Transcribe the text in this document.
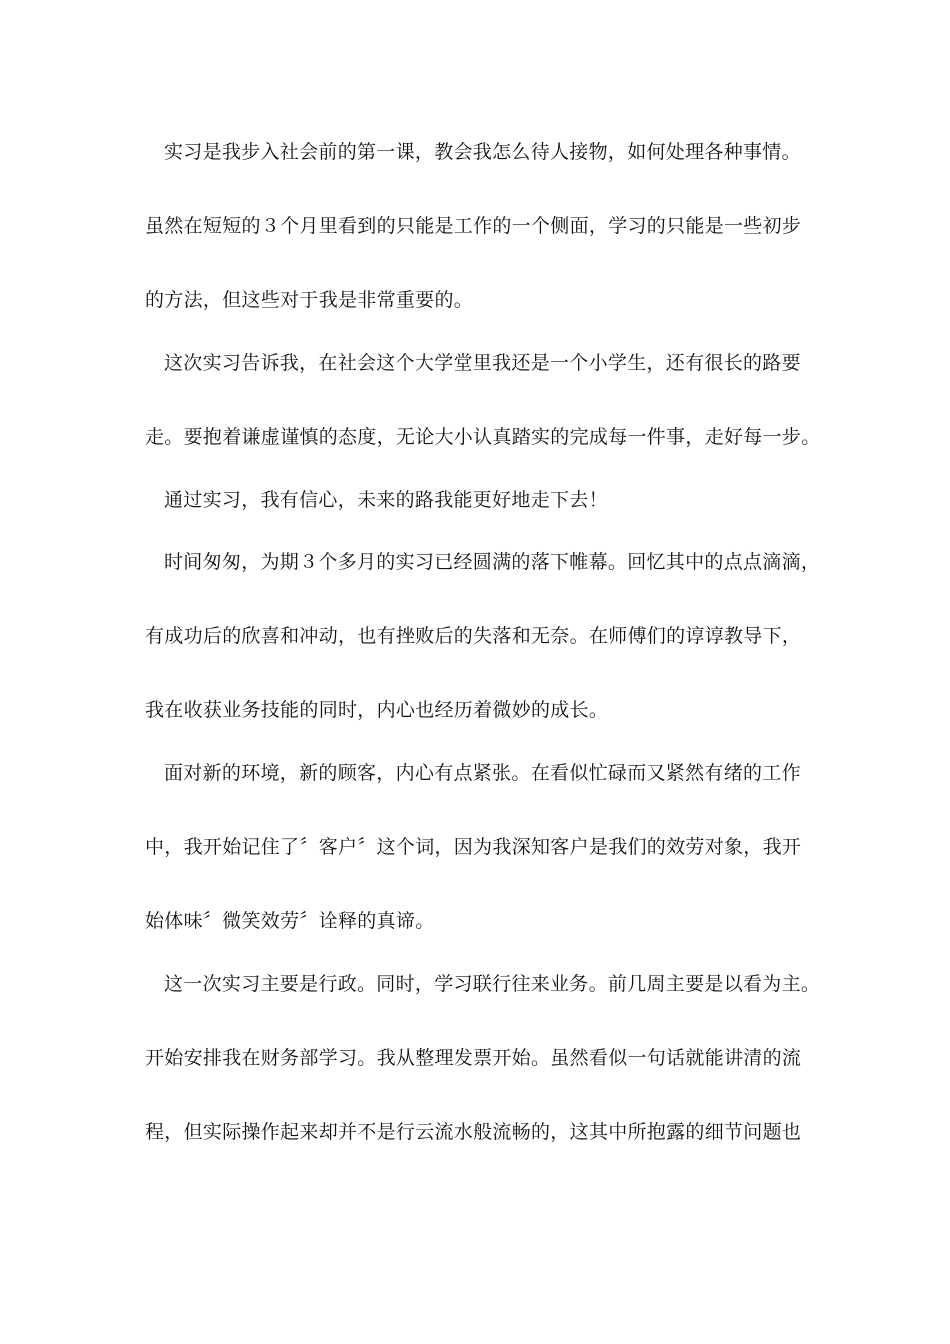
实习是我步入社会前的第一课，教会我怎么待人接物，如何处理各种事情。
虽然在短短的３个月里看到的只能是工作的一个侧面，学习的只能是一些初步
的方法，但这些对于我是非常重要的。
这次实习告诉我，在社会这个大学堂里我还是一个小学生，还有很长的路要
走。要抱着谦虚谨慎的态度，无论大小认真踏实的完成每一件事，走好每一步。
通过实习，我有信心，未来的路我能更好地走下去！
时间匆匆，为期３个多月的实习已经圆满的落下帷幕。回忆其中的点点滴滴，
有成功后的欣喜和冲动，也有挫败后的失落和无奈。在师傅们的谆谆教导下，
我在收获业务技能的同时，内心也经历着微妙的成长。
面对新的环境，新的顾客，内心有点紧张。在看似忙碌而又紧然有绪的工作
中，我开始记住了〞客户〞这个词，因为我深知客户是我们的效劳对象，我开
始体味〞微笑效劳〞诠释的真谛。
这一次实习主要是行政。同时，学习联行往来业务。前几周主要是以看为主。
开始安排我在财务部学习。我从整理发票开始。虽然看似一句话就能讲清的流
程，但实际操作起来却并不是行云流水般流畅的，这其中所抱露的细节问题也
